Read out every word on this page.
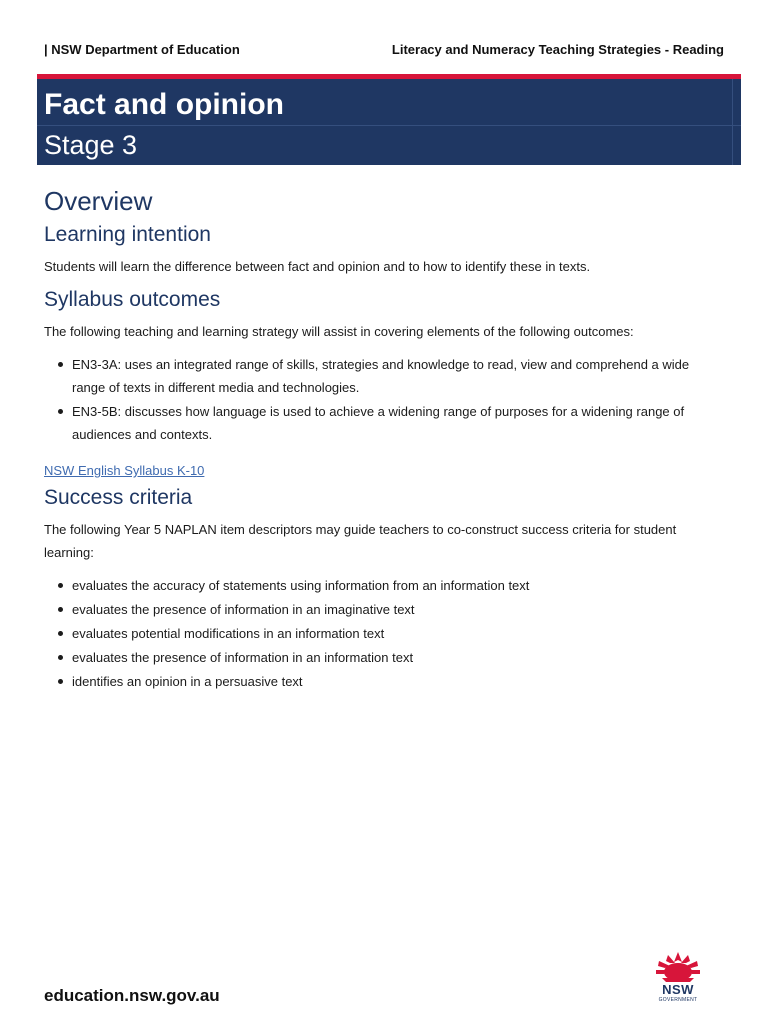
| NSW Department of Education	Literacy and Numeracy Teaching Strategies - Reading
Fact and opinion
Stage 3
Overview
Learning intention

Students will learn the difference between fact and opinion and to how to identify these in texts.

Syllabus outcomes

The following teaching and learning strategy will assist in covering elements of the following outcomes:

EN3-3A: uses an integrated range of skills, strategies and knowledge to read, view and comprehend a wide range of texts in different media and technologies.
EN3-5B: discusses how language is used to achieve a widening range of purposes for a widening range of audiences and contexts.
NSW English Syllabus K-10
Success criteria

The following Year 5 NAPLAN item descriptors may guide teachers to co-construct success criteria for student learning:

evaluates the accuracy of statements using information from an information text
evaluates the presence of information in an imaginative text
evaluates potential modifications in an information text
evaluates the presence of information in an information text
identifies an opinion in a persuasive text
education.nsw.gov.au	NSW
GOVERNMENT
